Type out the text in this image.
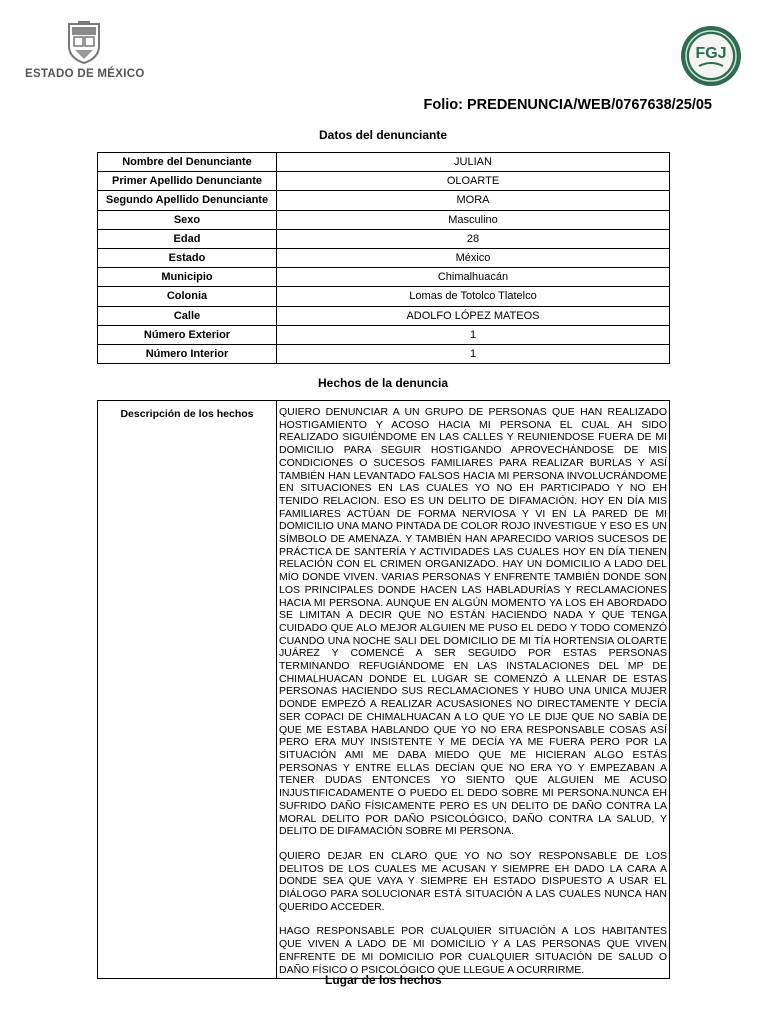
ESTADO DE MÉXICO
FGJ
Folio: PREDENUNCIA/WEB/0767638/25/05
Datos del denunciante
Nombre del Denunciante	JULIAN
Primer Apellido Denunciante	OLOARTE
Segundo Apellido Denunciante	MORA
Sexo	Masculino
Edad	28
Estado	México
Municipio	Chimalhuacán
Colonia	Lomas de Totolco Tlatelco
Calle	ADOLFO LÓPEZ MATEOS
Número Exterior	1
Número Interior	1
Hechos de la denuncia
Descripción de los hechos	QUIERO DENUNCIAR A UN GRUPO DE PERSONAS QUE HAN REALIZADO HOSTIGAMIENTO Y ACOSO HACIA MI PERSONA EL CUAL AH SIDO REALIZADO SIGUIÉNDOME EN LAS CALLES Y REUNIENDOSE FUERA DE MI DOMICILIO PARA SEGUIR HOSTIGANDO APROVECHÁNDOSE DE MIS CONDICIONES O SUCESOS FAMILIARES PARA REALIZAR BURLAS Y ASÍ TAMBIÉN HAN LEVANTADO FALSOS HACIA MI PERSONA INVOLUCRÁNDOME EN SITUACIONES EN LAS CUALES YO NO EH PARTICIPADO Y NO EH TENIDO RELACION. ESO ES UN DELITO DE DIFAMACIÓN. HOY EN DÍA MIS FAMILIARES ACTÚAN DE FORMA NERVIOSA Y VI EN LA PARED DE MI DOMICILIO UNA MANO PINTADA DE COLOR ROJO INVESTIGUE Y ESO ES UN SÍMBOLO DE AMENAZA. Y TAMBIÉN HAN APARECIDO VARIOS SUCESOS DE PRÁCTICA DE SANTERÍA Y ACTIVIDADES LAS CUALES HOY EN DÍA TIENEN RELACIÓN CON EL CRIMEN ORGANIZADO. HAY UN DOMICILIO A LADO DEL MÍO DONDE VIVEN. VARIAS PERSONAS Y ENFRENTE TAMBIÉN DONDE SON LOS PRINCIPALES DONDE HACEN LAS HABLADURÍAS Y RECLAMACIONES HACIA MI PERSONA. AUNQUE EN ALGÚN MOMENTO YA LOS EH ABORDADO SE LIMITAN A DECIR QUE NO ESTÁN HACIENDO NADA Y QUE TENGA CUIDADO QUE ALO MEJOR ALGUIEN ME PUSO EL DEDO Y TODO COMENZÓ CUANDO UNA NOCHE SALI DEL DOMICILIO DE MI TÍA HORTENSIA OLOARTE JUÁREZ Y COMENCÉ A SER SEGUIDO POR ESTAS PERSONAS TERMINANDO REFUGIÁNDOME EN LAS INSTALACIONES DEL MP DE CHIMALHUACAN DONDE EL LUGAR SE COMENZÓ A LLENAR DE ESTAS PERSONAS HACIENDO SUS RECLAMACIONES Y HUBO UNA UNICA MUJER DONDE EMPEZÓ A REALIZAR ACUSASIONES NO DIRECTAMENTE Y DECÍA SER COPACI DE CHIMALHUACAN A LO QUE YO LE DIJE QUE NO SABÍA DE QUE ME ESTABA HABLANDO QUE YO NO ERA RESPONSABLE COSAS ASÍ PERO ERA MUY INSISTENTE Y ME DECÍA YA ME FUERA PERO POR LA SITUACIÓN AMI ME DABA MIEDO QUE ME HICIERAN ALGO ESTÁS PERSONAS Y ENTRE ELLAS DECÍAN QUE NO ERA YO Y EMPEZABAN A TENER DUDAS ENTONCES YO SIENTO QUE ALGUIEN ME ACUSO INJUSTIFICADAMENTE O PUEDO EL DEDO SOBRE MI PERSONA.NUNCA EH SUFRIDO DAÑO FÍSICAMENTE PERO ES UN DELITO DE DAÑO CONTRA LA MORAL DELITO POR DAÑO PSICOLÓGICO, DAÑO CONTRA LA SALUD, Y DELITO DE DIFAMACIÓN SOBRE MI PERSONA.

QUIERO DEJAR EN CLARO QUE YO NO SOY RESPONSABLE DE LOS DELITOS DE LOS CUALES ME ACUSAN Y SIEMPRE EH DADO LA CARA A DONDE SEA QUE VAYA Y SIEMPRE EH ESTADO DISPUESTO A USAR EL DIÁLOGO PARA SOLUCIONAR ESTÁ SITUACIÓN A LAS CUALES NUNCA HAN QUERIDO ACCEDER.

HAGO RESPONSABLE POR CUALQUIER SITUACIÓN A LOS HABITANTES QUE VIVEN A LADO DE MI DOMICILIO Y A LAS PERSONAS QUE VIVEN ENFRENTE DE MI DOMICILIO POR CUALQUIER SITUACIÓN DE SALUD O DAÑO FÍSICO O PSICOLÓGICO QUE LLEGUE A OCURRIRME.

Lugar de los hechos
